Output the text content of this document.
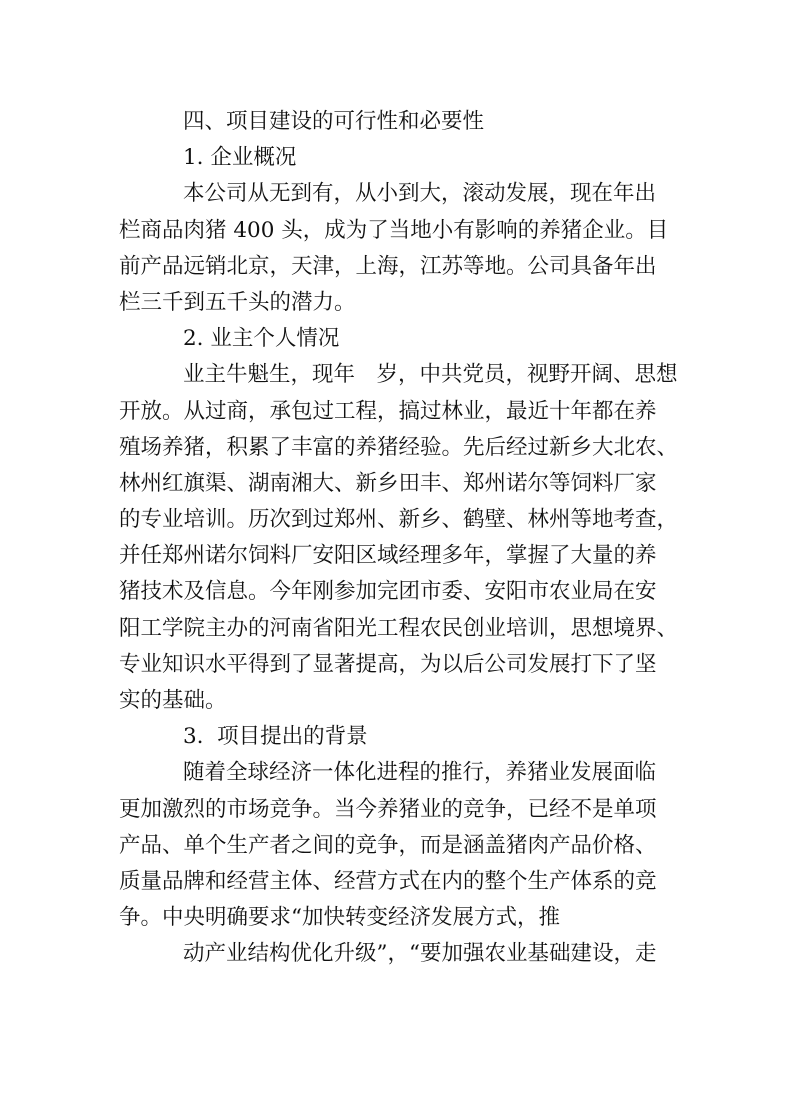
四、项目建设的可行性和必要性
1. 企业概况
本公司从无到有，从小到大，滚动发展，现在年出
栏商品肉猪 400 头，成为了当地小有影响的养猪企业。目
前产品远销北京，天津，上海，江苏等地。公司具备年出
栏三千到五千头的潜力。
2. 业主个人情况
业主牛魁生，现年　岁，中共党员，视野开阔、思想
开放。从过商，承包过工程，搞过林业，最近十年都在养
殖场养猪，积累了丰富的养猪经验。先后经过新乡大北农、
林州红旗渠、湖南湘大、新乡田丰、郑州诺尔等饲料厂家
的专业培训。历次到过郑州、新乡、鹤壁、林州等地考查，
并任郑州诺尔饲料厂安阳区域经理多年，掌握了大量的养
猪技术及信息。今年刚参加完团市委、安阳市农业局在安
阳工学院主办的河南省阳光工程农民创业培训，思想境界、
专业知识水平得到了显著提高，为以后公司发展打下了坚
实的基础。
3.  项目提出的背景
随着全球经济一体化进程的推行，养猪业发展面临
更加激烈的市场竞争。当今养猪业的竞争，已经不是单项
产品、单个生产者之间的竞争，而是涵盖猪肉产品价格、
质量品牌和经营主体、经营方式在内的整个生产体系的竞
争。中央明确要求“加快转变经济发展方式，推
动产业结构优化升级”，“要加强农业基础建设，走
